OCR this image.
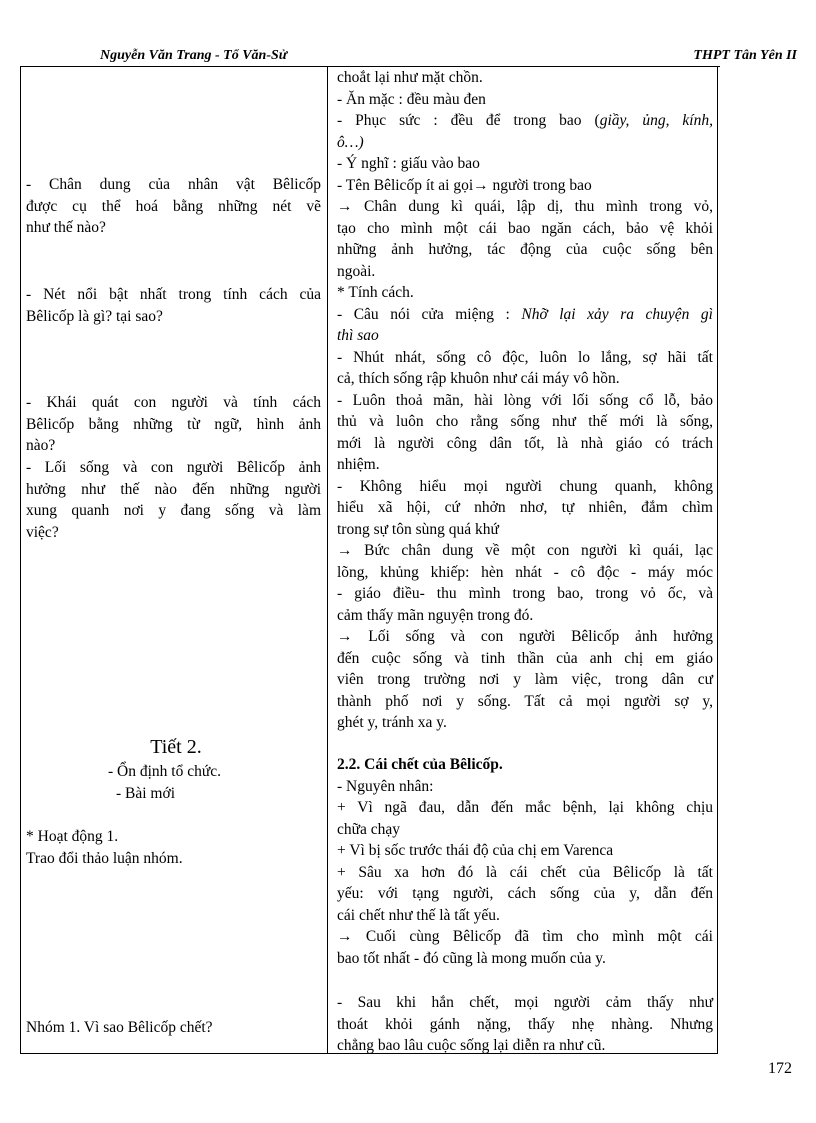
Nguyễn Văn Trang - Tổ Văn-Sử	THPT Tân Yên II
- Chân dung của nhân vật Bêlicốp
được cụ thể hoá bằng những nét vẽ
như thế nào?
- Nét nổi bật nhất trong tính cách của
Bêlicốp là gì? tại sao?
- Khái quát con người và tính cách
Bêlicốp bằng những từ ngữ, hình ảnh
nào?
- Lối sống và con người Bêlicốp ảnh
hưởng như thế nào đến những người
xung quanh nơi y đang sống và làm
việc?
Tiết 2.
- Ổn định tổ chức.
- Bài mới
* Hoạt động 1.
Trao đổi thảo luận nhóm.
Nhóm 1. Vì sao Bêlicốp chết?
choắt lại như mặt chồn.
- Ăn mặc : đều màu đen
- Phục sức : đều để trong bao (giầy, ủng, kính,
ô…)
- Ý nghĩ : giấu vào bao
- Tên Bêlicốp ít ai gọi→ người trong bao
→ Chân dung kì quái, lập dị, thu mình trong vỏ,
tạo cho mình một cái bao ngăn cách, bảo vệ khỏi
những ảnh hưởng, tác động của cuộc sống bên
ngoài.
* Tính cách.
- Câu nói cửa miệng : Nhỡ lại xảy ra chuyện gì
thì sao
- Nhút nhát, sống cô độc, luôn lo lắng, sợ hãi tất
cả, thích sống rập khuôn như cái máy vô hồn.
- Luôn thoả mãn, hài lòng với lối sống cổ lỗ, bảo
thủ và luôn cho rằng sống như thế mới là sống,
mới là người công dân tốt, là nhà giáo có trách
nhiệm.
- Không hiểu mọi người chung quanh, không
hiểu xã hội, cứ nhởn nhơ, tự nhiên, đắm chìm
trong sự tôn sùng quá khứ
→ Bức chân dung về một con người kì quái, lạc
lõng, khủng khiếp: hèn nhát - cô độc - máy móc
- giáo điều- thu mình trong bao, trong vỏ ốc, và
cảm thấy mãn nguyện trong đó.
→ Lối sống và con người Bêlicốp ảnh hưởng
đến cuộc sống và tinh thần của anh chị em giáo
viên trong trường nơi y làm việc, trong dân cư
thành phố nơi y sống. Tất cả mọi người sợ y,
ghét y, tránh xa y.
2.2. Cái chết của Bêlicốp.
- Nguyên nhân:
+ Vì ngã đau, dẫn đến mắc bệnh, lại không chịu
chữa chạy
+ Vì bị sốc trước thái độ của chị em Varenca
+ Sâu xa hơn đó là cái chết của Bêlicốp là tất
yếu: với tạng người, cách sống của y, dẫn đến
cái chết như thế là tất yếu.
→ Cuối cùng Bêlicốp đã tìm cho mình một cái
bao tốt nhất - đó cũng là mong muốn của y.
- Sau khi hắn chết, mọi người cảm thấy như
thoát khỏi gánh nặng, thấy nhẹ nhàng. Nhưng
chẳng bao lâu cuộc sống lại diễn ra như cũ.
172
